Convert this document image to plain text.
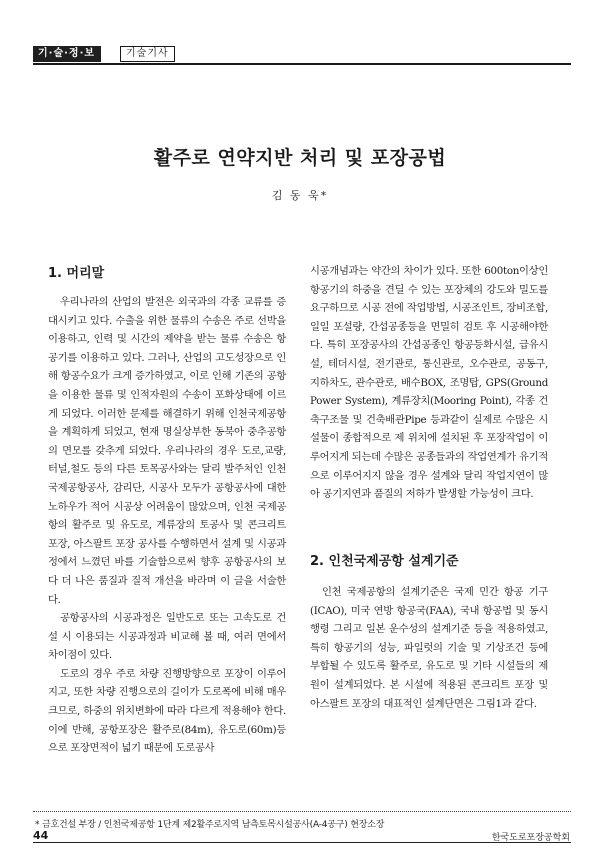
기·술·정·보	기술기사
활주로 연약지반 처리 및 포장공법
김 동 욱*
1. 머리말

우리나라의 산업의 발전은 외국과의 각종 교류를 증대시키고 있다. 수출을 위한 물류의 수송은 주로 선박을 이용하고, 인력 및 시간의 제약을 받는 물류 수송은 항공기를 이용하고 있다. 그러나, 산업의 고도성장으로 인해 항공수요가 크게 증가하였고, 이로 인해 기존의 공항을 이용한 물류 및 인적자원의 수송이 포화상태에 이르게 되었다. 이러한 문제를 해결하기 위해 인천국제공항을 계획하게 되었고, 현재 명실상부한 동북아 중추공항의 면모를 갖추게 되었다. 우리나라의 경우 도로,교량,터널,철도 등의 다른 토목공사와는 달리 발주처인 인천국제공항공사, 감리단, 시공사 모두가 공항공사에 대한 노하우가 적어 시공상 어려움이 많았으며, 인천 국제공항의 활주로 및 유도로, 계류장의 토공사 및 콘크리트 포장, 아스팔트 포장 공사를 수행하면서 설계 및 시공과정에서 느꼈던 바를 기술함으로써 향후 공항공사의 보다 더 나은 품질과 질적 개선을 바라며 이 글을 서술한다.

공항공사의 시공과정은 일반도로 또는 고속도로 건설 시 이용되는 시공과정과 비교해 볼 때, 여러 면에서 차이점이 있다.

도로의 경우 주로 차량 진행방향으로 포장이 이루어지고, 또한 차량 진행으로의 길이가 도로폭에 비해 매우 크므로, 하중의 위치변화에 따라 다르게 적용해야 한다. 이에 반해, 공항포장은 활주로(84m), 유도로(60m)등으로 포장면적이 넓기 때문에 도로공사

시공개념과는 약간의 차이가 있다. 또한 600ton이상인 항공기의 하중을 견딜 수 있는 포장체의 강도와 밀도를 요구하므로 시공 전에 작업방법, 시공조인트, 장비조합, 일일 포설량, 간섭공종등을 면밀히 검토 후 시공해야한다. 특히 포장공사의 간섭공종인 항공등화시설, 급유시설, 테더시설, 전기관로, 통신관로, 오수관로, 공동구, 지하차도, 관수관로, 배수BOX, 조명탑, GPS(Ground Power System), 계류장치(Mooring Point), 각종 건축구조물 및 건축배관Pipe 등과같이 실제로 수많은 시설물이 종합적으로 제 위치에 설치된 후 포장작업이 이루어지게 되는데 수많은 공종들과의 작업연계가 유기적으로 이루어지지 않을 경우 설계와 달리 작업지연이 많아 공기지연과 품질의 저하가 발생할 가능성이 크다.

2. 인천국제공항 설계기준

인천 국제공항의 설계기준은 국제 민간 항공 기구(ICAO), 미국 연방 항공국(FAA), 국내 항공법 및 동시행령 그리고 일본 운수성의 설계기준 등을 적용하였고, 특히 항공기의 성능, 파일럿의 기술 및 기상조건 등에 부합될 수 있도록 활주로, 유도로 및 기타 시설들의 제원이 설계되었다. 본 시설에 적용된 콘크리트 포장 및 아스팔트 포장의 대표적인 설계단면은 그림1과 같다.

* 금호건설 부장 / 인천국제공항 1단계 제2활주로지역 남측토목시설공사(A-4공구) 현장소장
44	한국도로포장공학회
